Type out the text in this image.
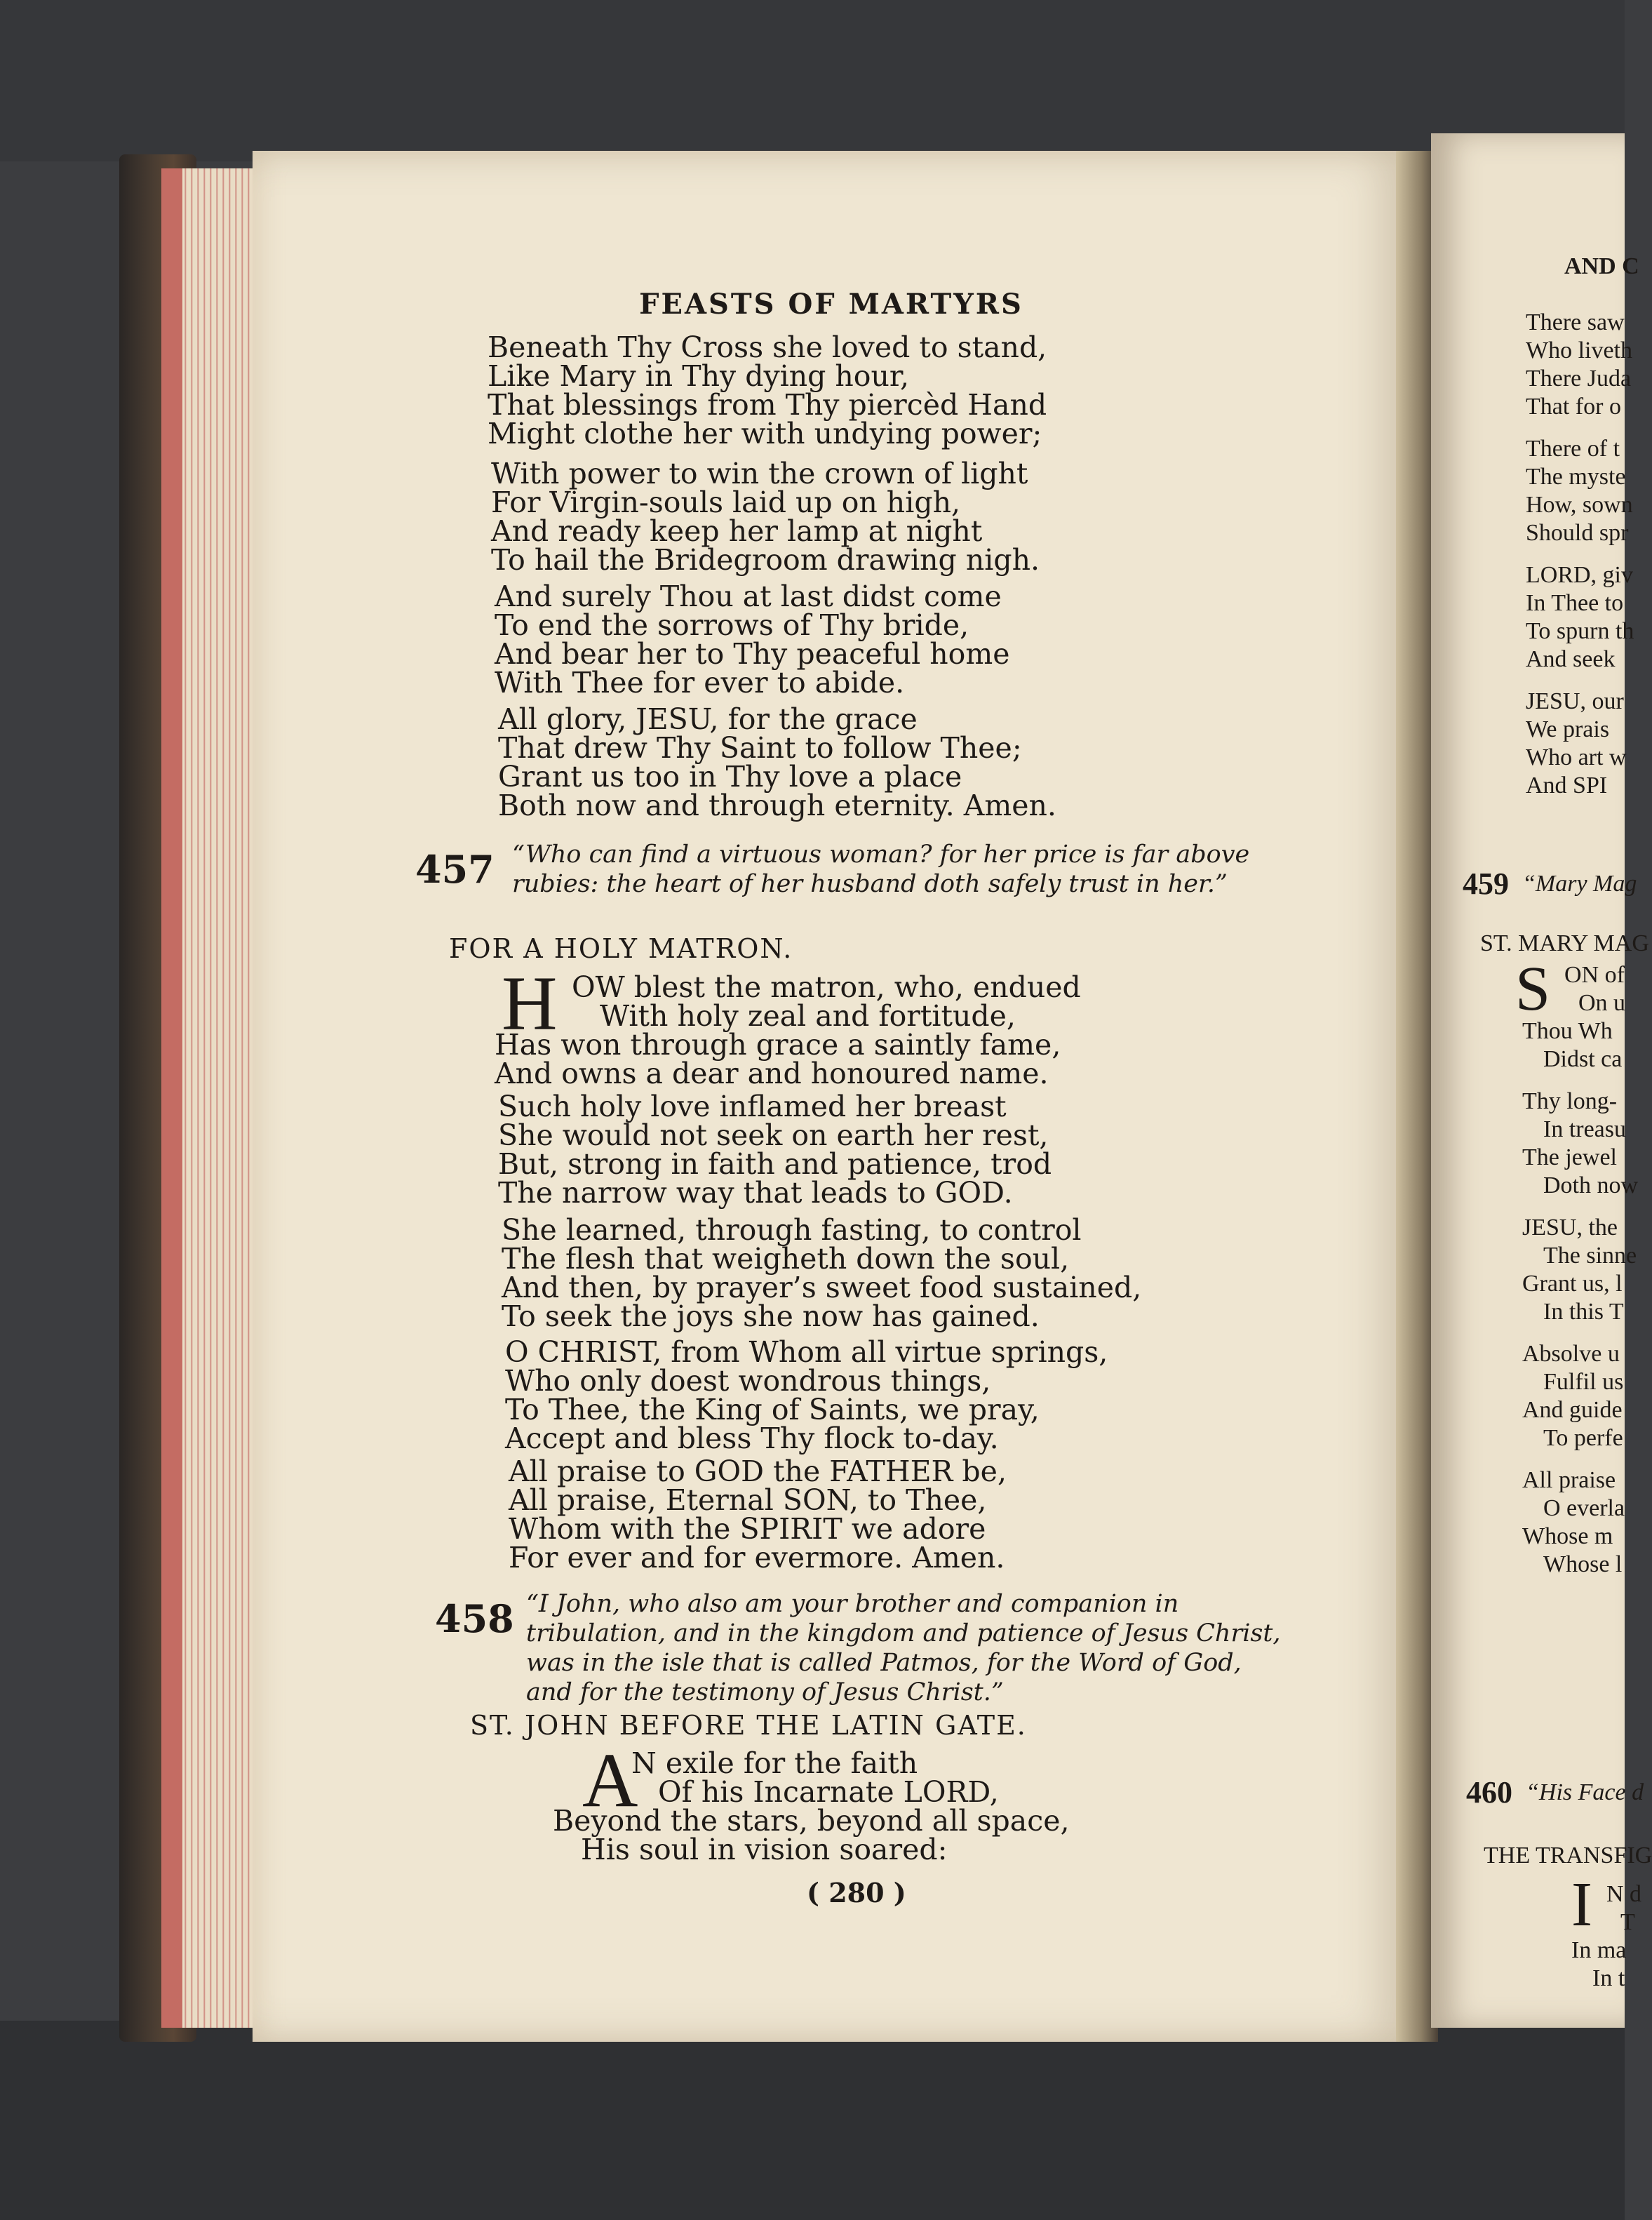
FEASTS OF MARTYRS
Beneath Thy Cross she loved to stand,
Like Mary in Thy dying hour,
That blessings from Thy piercèd Hand
Might clothe her with undying power;
With power to win the crown of light
For Virgin-souls laid up on high,
And ready keep her lamp at night
To hail the Bridegroom drawing nigh.
And surely Thou at last didst come
To end the sorrows of Thy bride,
And bear her to Thy peaceful home
With Thee for ever to abide.
All glory, JESU, for the grace
That drew Thy Saint to follow Thee;
Grant us too in Thy love a place
Both now and through eternity. Amen.
457 “Who can find a virtuous woman? for her price is far above rubies: the heart of her husband doth safely trust in her.”
FOR A HOLY MATRON.
H OW blest the matron, who, endued
With holy zeal and fortitude,
Has won through grace a saintly fame,
And owns a dear and honoured name.
Such holy love inflamed her breast
She would not seek on earth her rest,
But, strong in faith and patience, trod
The narrow way that leads to GOD.
She learned, through fasting, to control
The flesh that weigheth down the soul,
And then, by prayer’s sweet food sustained,
To seek the joys she now has gained.
O CHRIST, from Whom all virtue springs,
Who only doest wondrous things,
To Thee, the King of Saints, we pray,
Accept and bless Thy flock to-day.
All praise to GOD the FATHER be,
All praise, Eternal SON, to Thee,
Whom with the SPIRIT we adore
For ever and for evermore. Amen.
458 “I John, who also am your brother and companion in tribulation, and in the kingdom and patience of Jesus Christ, was in the isle that is called Patmos, for the Word of God, and for the testimony of Jesus Christ.”
ST. JOHN BEFORE THE LATIN GATE.
A
N exile for the faith
Of his Incarnate LORD,
Beyond the stars, beyond all space,
His soul in vision soared:
( 280 )
AND C
There saw
Who liveth
There Juda
That for o
There of t
The myste
How, sown
Should spr
LORD, giv
In Thee to
To spurn th
And seek
JESU, our
We prais
Who art w
And SPI
459 “Mary Mag
ST. MARY MAG
S ON of
On u
Thou Wh
Didst ca
Thy long-
In treasu
The jewel
Doth now
JESU, the
The sinne
Grant us, l
In this T
Absolve u
Fulfil us
And guide
To perfe
All praise
O everla
Whose m
Whose l
460 “His Face d
THE TRANSFIG
I N d
T
In ma
In t
